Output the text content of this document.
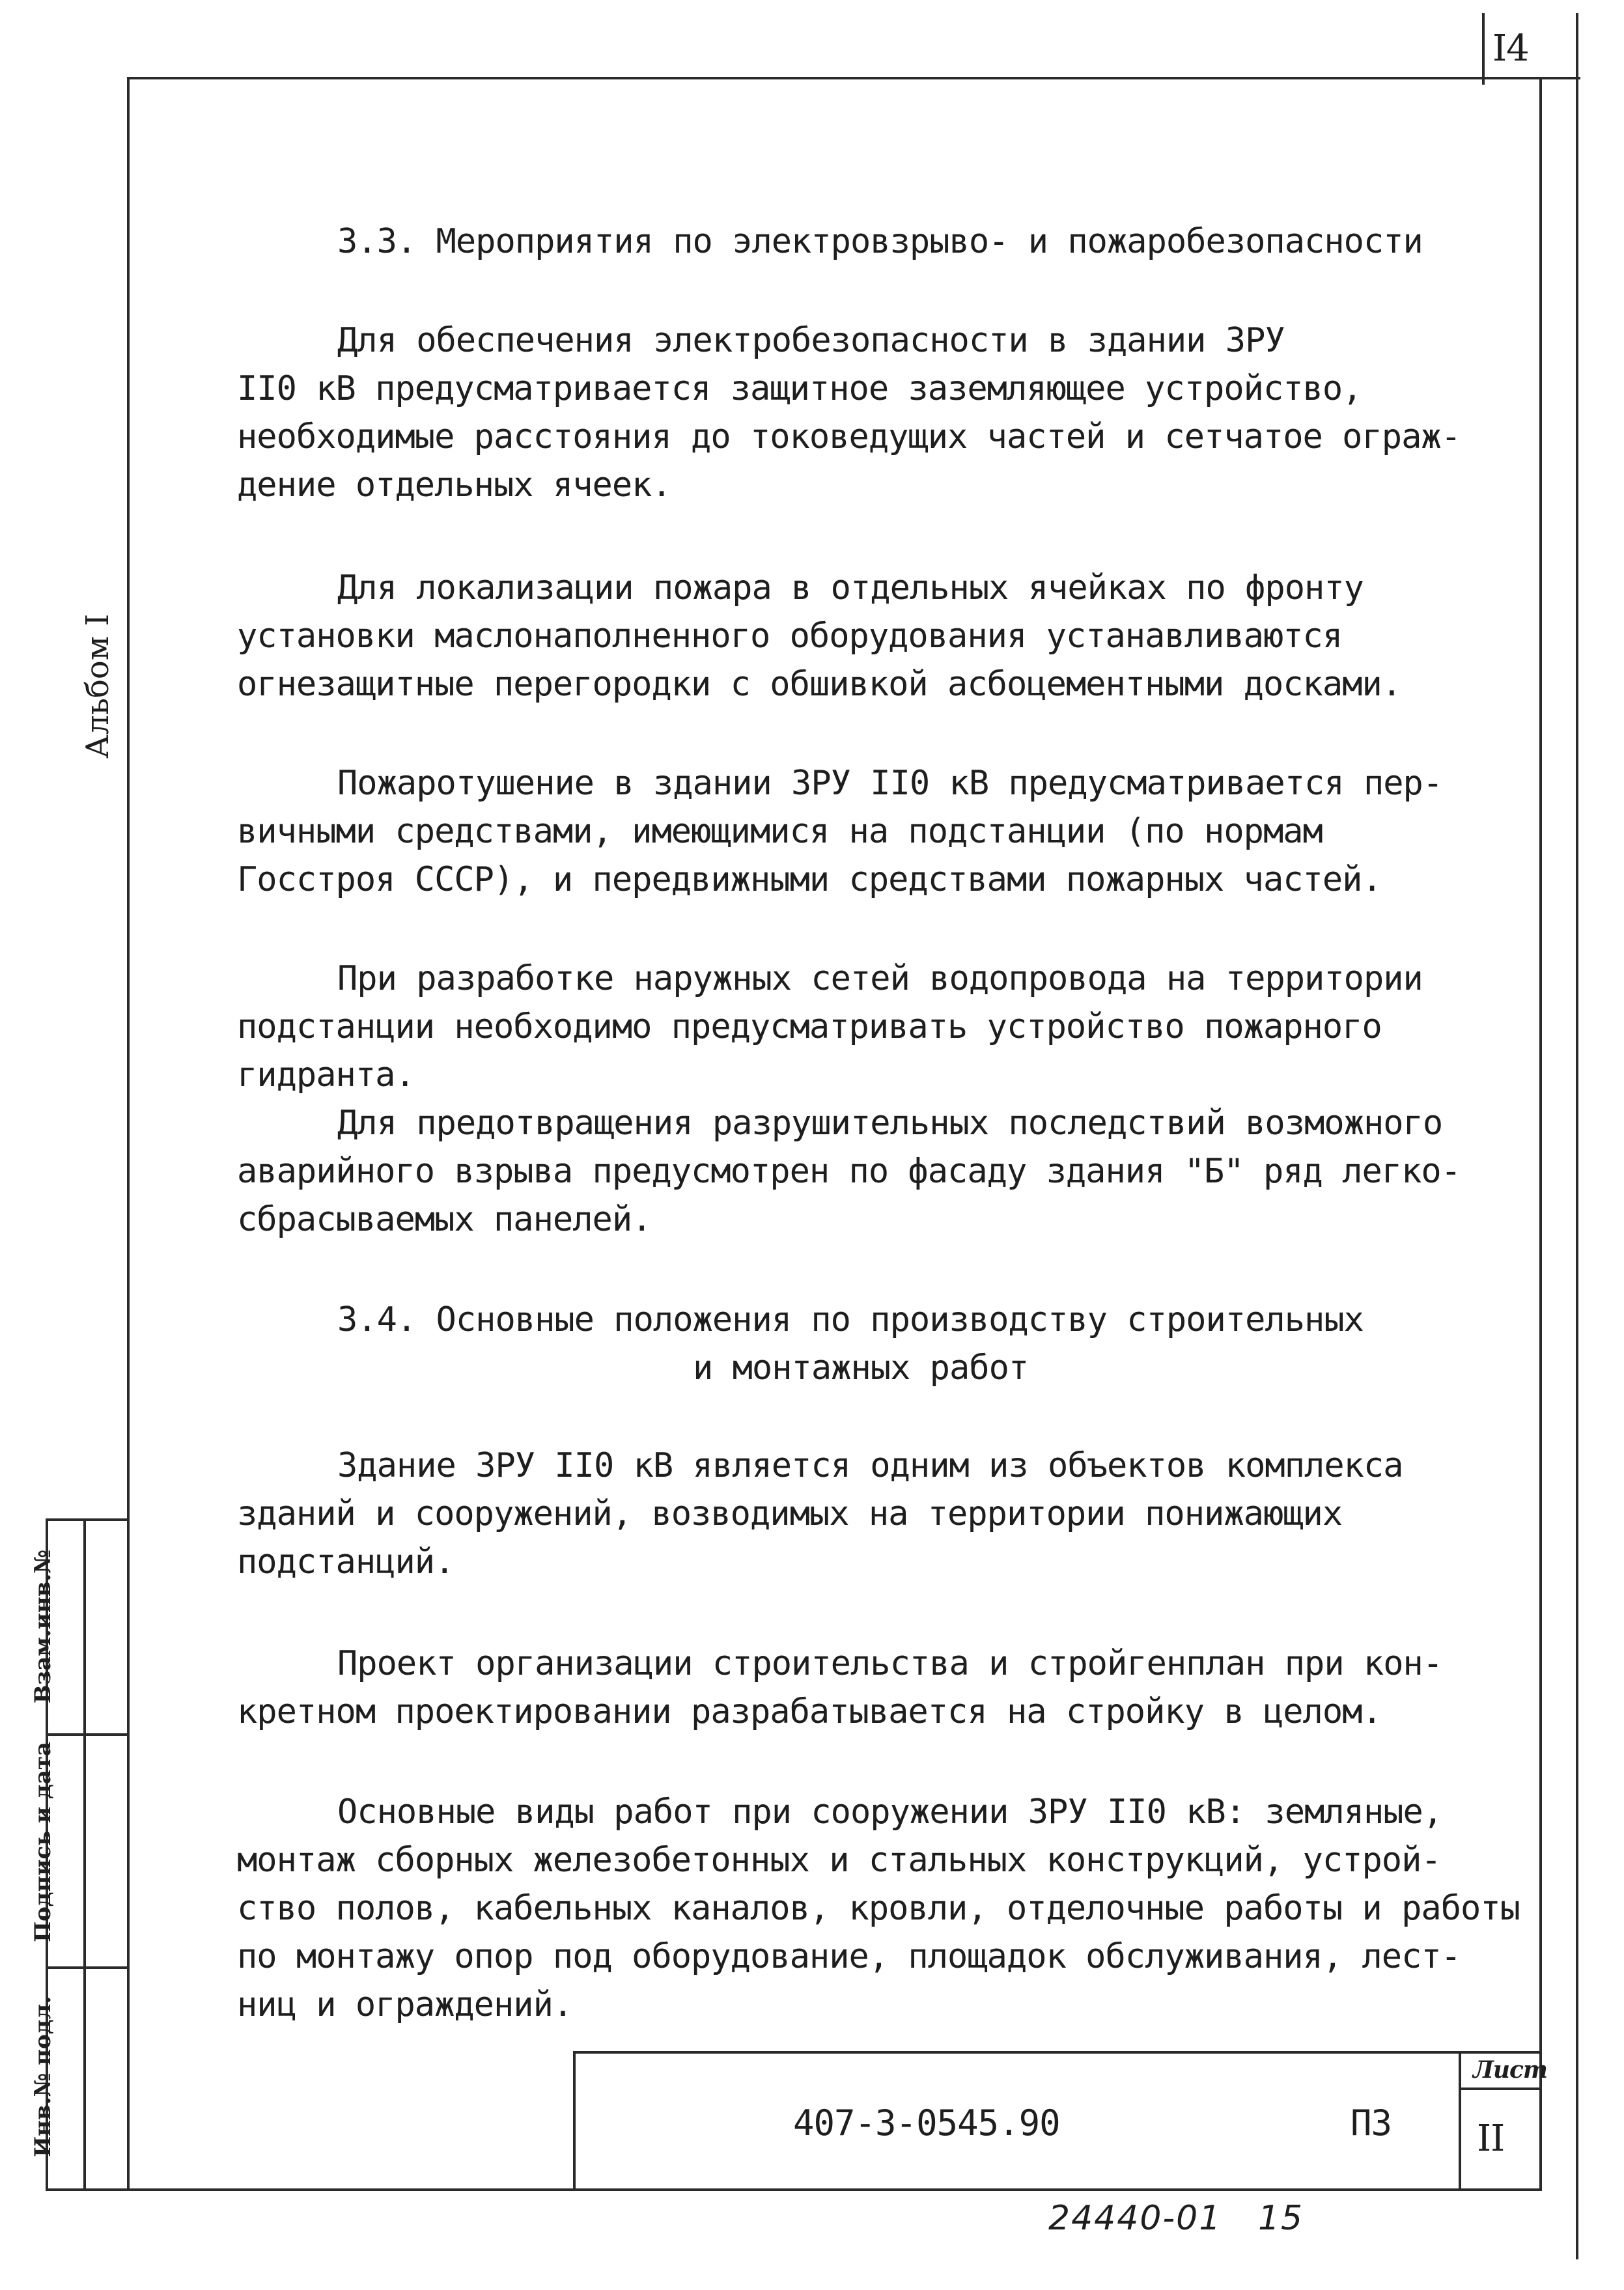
I4
Альбом I
Взам.инв.№
Подпись и дата
Инв.№ подл.
3.3. Мероприятия по электровзрыво- и пожаробезопасности
Для обеспечения электробезопасности в здании ЗРУ
II0 кВ предусматривается защитное заземляющее устройство,
необходимые расстояния до токоведущих частей и сетчатое ограж-
дение отдельных ячеек.
Для локализации пожара в отдельных ячейках по фронту
установки маслонаполненного оборудования устанавливаются
огнезащитные перегородки с обшивкой асбоцементными досками.
Пожаротушение в здании ЗРУ II0 кВ предусматривается пер-
вичными средствами, имеющимися на подстанции (по нормам
Госстроя СССР), и передвижными средствами пожарных частей.
При разработке наружных сетей водопровода на территории
подстанции необходимо предусматривать устройство пожарного
гидранта.
Для предотвращения разрушительных последствий возможного
аварийного взрыва предусмотрен по фасаду здания "Б" ряд легко-
сбрасываемых панелей.
3.4. Основные положения по производству строительных
и монтажных работ
Здание ЗРУ II0 кВ является одним из объектов комплекса
зданий и сооружений, возводимых на территории понижающих
подстанций.
Проект организации строительства и стройгенплан при кон-
кретном проектировании разрабатывается на стройку в целом.
Основные виды работ при сооружении ЗРУ II0 кВ: земляные,
монтаж сборных железобетонных и стальных конструкций, устрой-
ство полов, кабельных каналов, кровли, отделочные работы и работы
по монтажу опор под оборудование, площадок обслуживания, лест-
ниц и ограждений.
407-3-0545.90	ПЗ
Лист
II
24440-01   15
